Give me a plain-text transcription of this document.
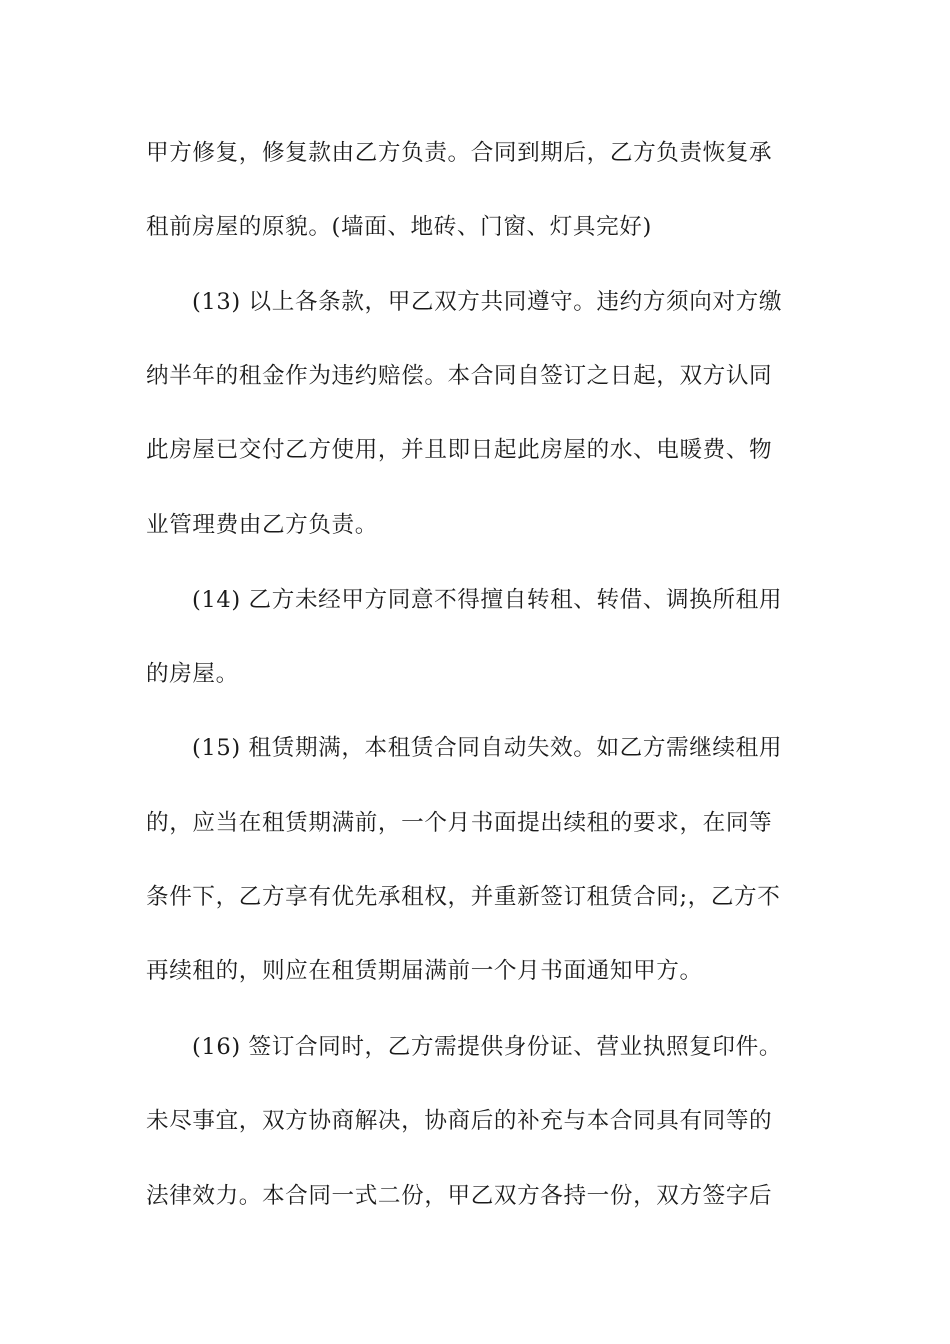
甲方修复，修复款由乙方负责。合同到期后，乙方负责恢复承
租前房屋的原貌。(墙面、地砖、门窗、灯具完好)
(13) 以上各条款，甲乙双方共同遵守。违约方须向对方缴
纳半年的租金作为违约赔偿。本合同自签订之日起，双方认同
此房屋已交付乙方使用，并且即日起此房屋的水、电暖费、物
业管理费由乙方负责。
(14) 乙方未经甲方同意不得擅自转租、转借、调换所租用
的房屋。
(15) 租赁期满，本租赁合同自动失效。如乙方需继续租用
的，应当在租赁期满前，一个月书面提出续租的要求，在同等
条件下，乙方享有优先承租权，并重新签订租赁合同;，乙方不
再续租的，则应在租赁期届满前一个月书面通知甲方。
(16) 签订合同时，乙方需提供身份证、营业执照复印件。
未尽事宜，双方协商解决，协商后的补充与本合同具有同等的
法律效力。本合同一式二份，甲乙双方各持一份，双方签字后
